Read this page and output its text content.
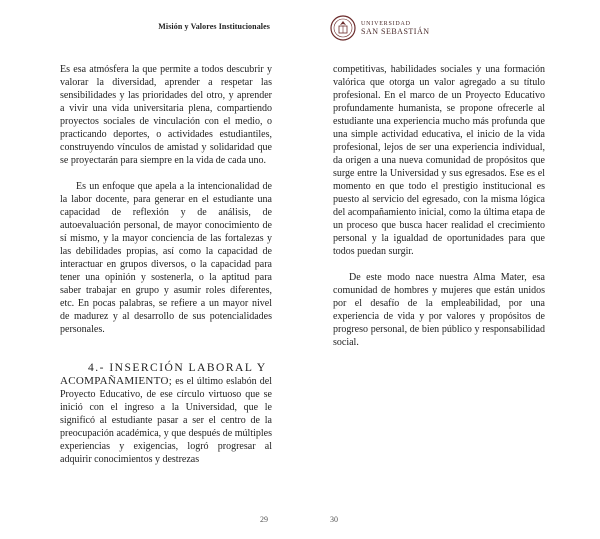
Misión y Valores Institucionales

Es esa atmósfera la que permite a todos descubrir y valorar la diversidad, aprender a respetar las sensibilidades y las prioridades del otro, y aprender a vivir una vida universitaria plena, compartiendo proyectos sociales de vinculación con el medio, o practicando deportes, o actividades estudiantiles, construyendo vínculos de amistad y solidaridad que se proyectarán para siempre en la vida de cada uno.

Es un enfoque que apela a la intencionalidad de la labor docente, para generar en el estudiante una capacidad de reflexión y de análisis, de autoevaluación personal, de mayor conocimiento de sí mismo, y la mayor conciencia de las fortalezas y las debilidades propias, así como la capacidad de interactuar en grupos diversos, o la capacidad para tener una opinión y sostenerla, o la aptitud para saber trabajar en grupo y asumir roles diferentes, etc. En pocas palabras, se refiere a un mayor nivel de madurez y al desarrollo de sus potencialidades personales.

4.- INSERCIÓN LABORAL Y
ACOMPAÑAMIENTO; es el último eslabón del Proyecto Educativo, de ese círculo virtuoso que se inició con el ingreso a la Universidad, que le significó al estudiante pasar a ser el centro de la preocupación académica, y que después de múltiples experiencias y exigencias, logró progresar al adquirir conocimientos y destrezas

29
UNIVERSIDAD
SAN SEBASTIÁN

competitivas, habilidades sociales y una formación valórica que otorga un valor agregado a su título profesional. En el marco de un Proyecto Educativo profundamente humanista, se propone ofrecerle al estudiante una experiencia mucho más profunda que una simple actividad educativa, el inicio de la vida profesional, lejos de ser una experiencia individual, da origen a una nueva comunidad de propósitos que surge entre la Universidad y sus egresados. Ese es el momento en que todo el prestigio institucional es puesto al servicio del egresado, con la misma lógica del acompañamiento inicial, como la última etapa de un proceso que busca hacer realidad el crecimiento personal y la igualdad de oportunidades para que todos puedan surgir.

De este modo nace nuestra Alma Mater, esa comunidad de hombres y mujeres que están unidos por el desafío de la empleabilidad, por una experiencia de vida y por valores y propósitos de progreso personal, de bien público y responsabilidad social.

30
